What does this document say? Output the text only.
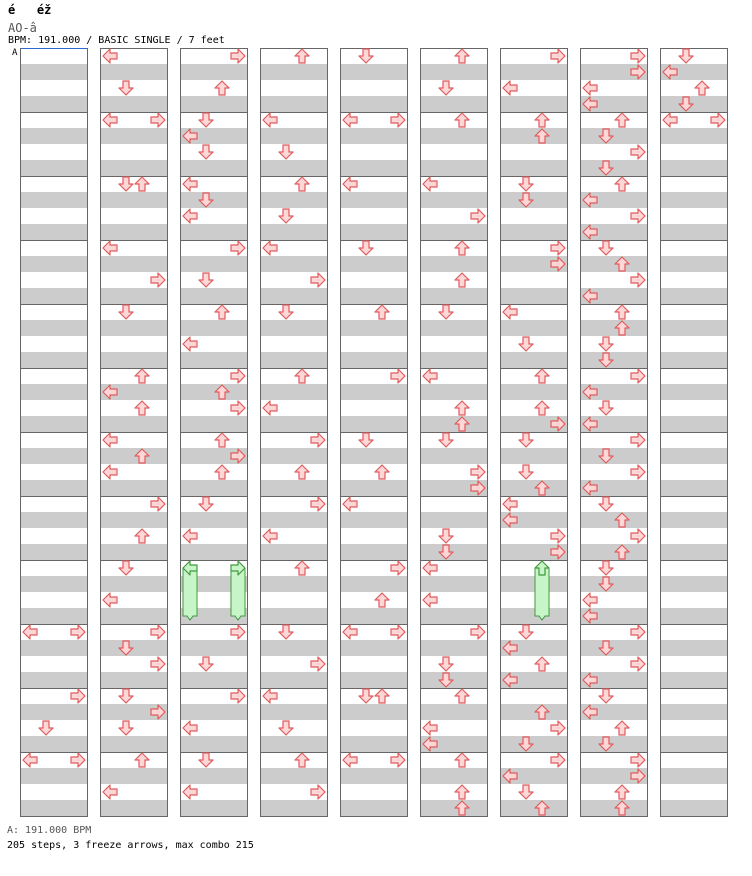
é   éž
AO-â
BPM: 191.000 / BASIC SINGLE / 7 feet
A
A: 191.000 BPM
205 steps, 3 freeze arrows, max combo 215
